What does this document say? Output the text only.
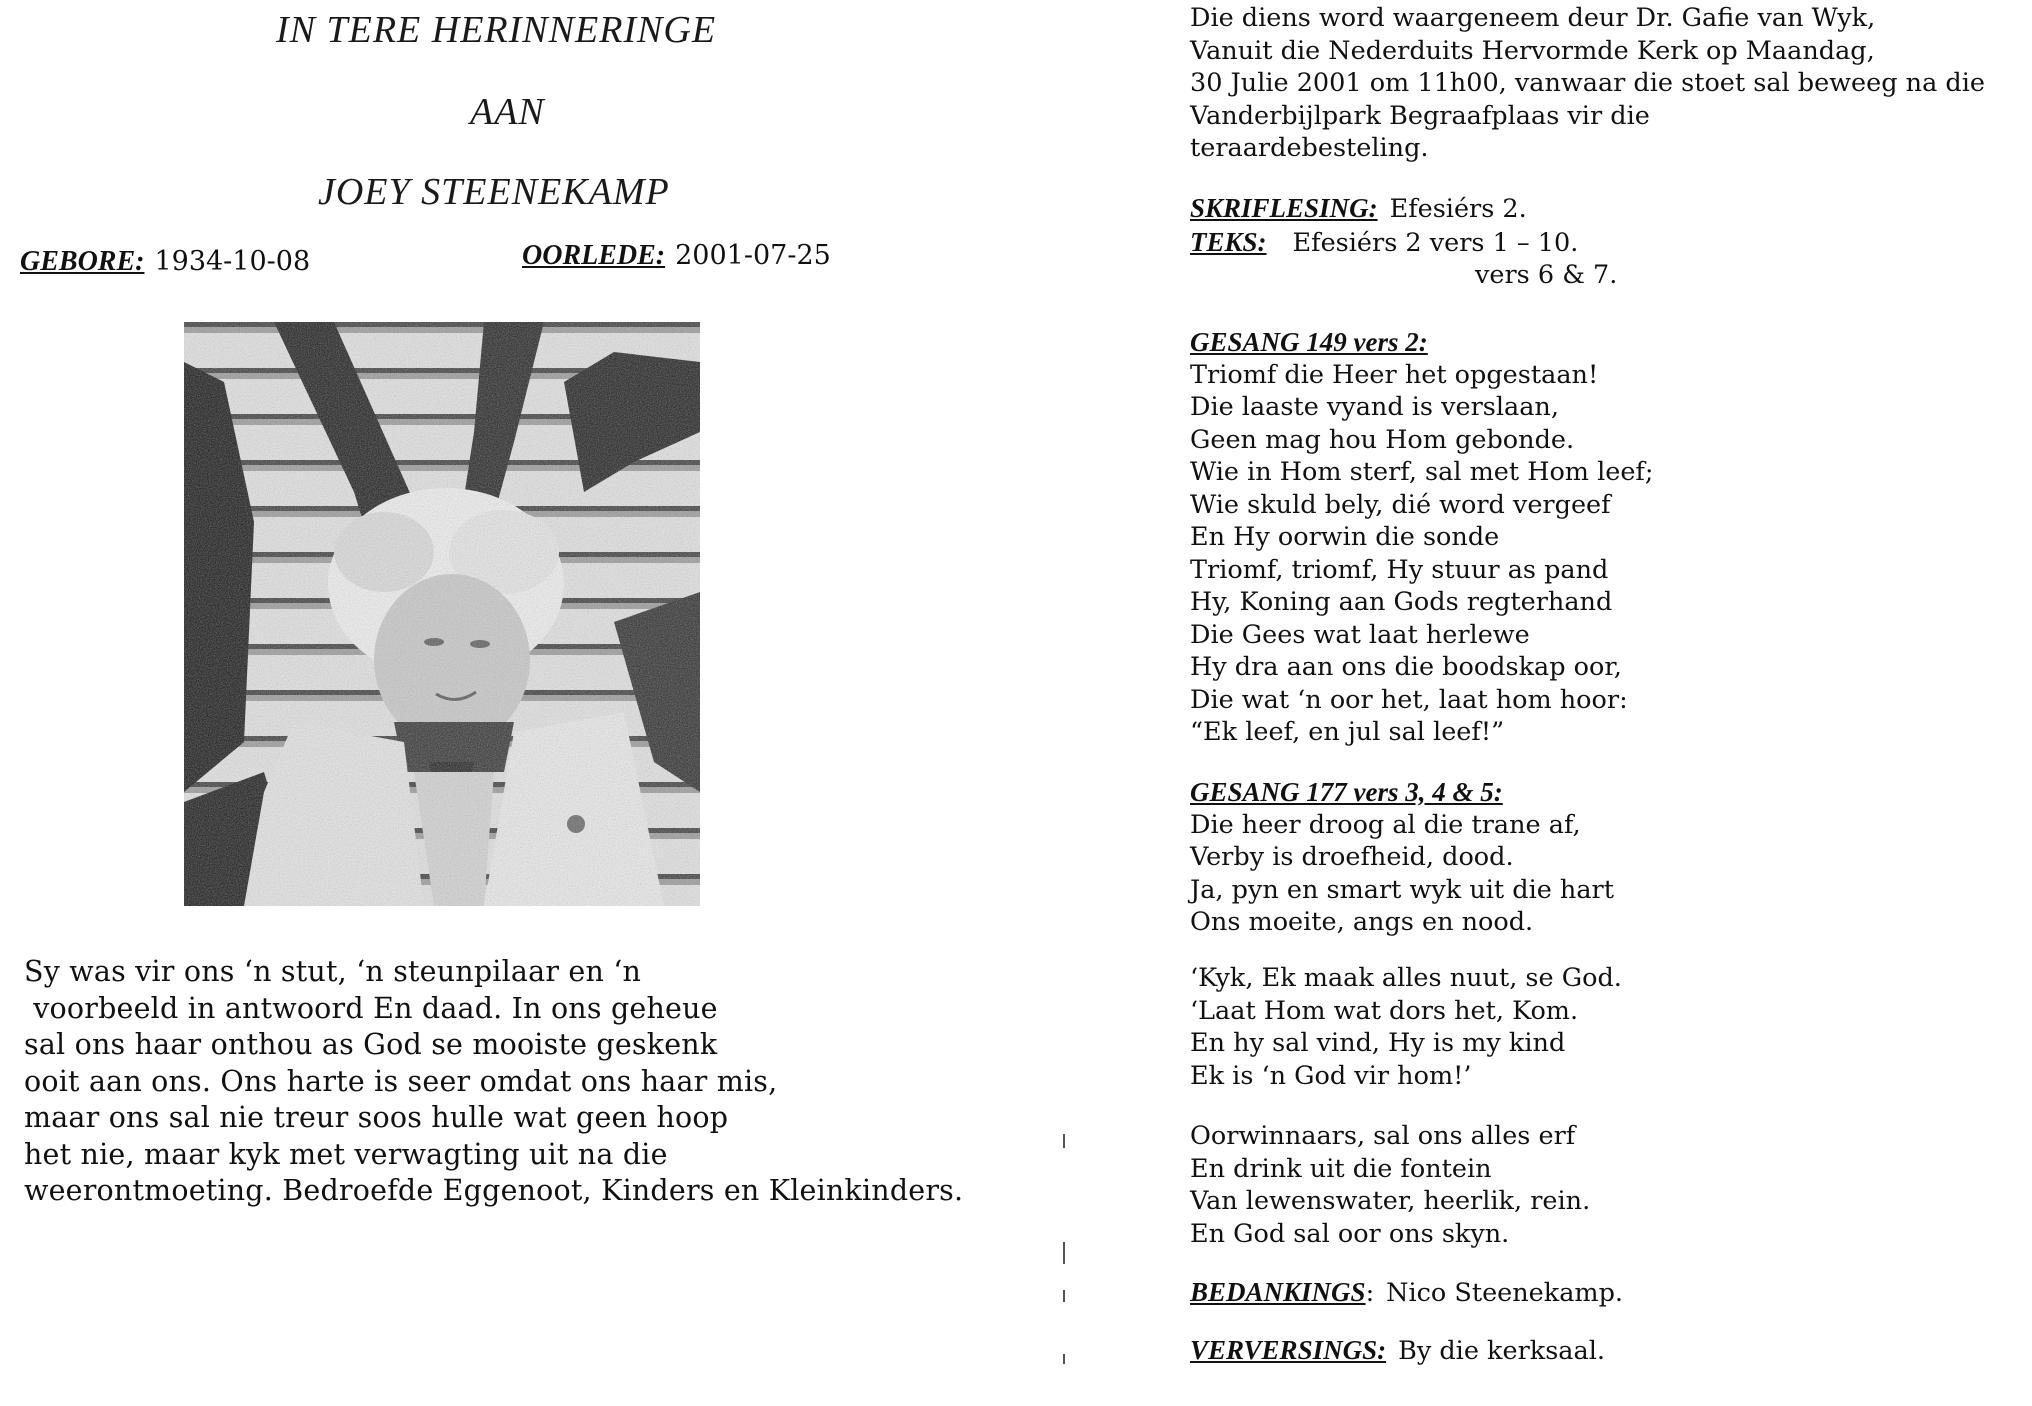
IN TERE HERINNERINGE
AAN
JOEY STEENEKAMP
GEBORE: 1934-10-08	OORLEDE: 2001-07-25
Sy was vir ons ‘n stut, ‘n steunpilaar en ‘n
voorbeeld in antwoord En daad. In ons geheue
sal ons haar onthou as God se mooiste geskenk
ooit aan ons. Ons harte is seer omdat ons haar mis,
maar ons sal nie treur soos hulle wat geen hoop
het nie, maar kyk met verwagting uit na die
weerontmoeting. Bedroefde Eggenoot, Kinders en Kleinkinders.
Die diens word waargeneem deur Dr. Gafie van Wyk,
Vanuit die Nederduits Hervormde Kerk op Maandag,
30 Julie 2001 om 11h00, vanwaar die stoet sal beweeg na die
Vanderbijlpark Begraafplaas vir die
teraardebesteling.
SKRIFLESING: Efesiérs 2.
TEKS: Efesiérs 2 vers 1 – 10.
vers 6 & 7.
GESANG 149 vers 2:
Triomf die Heer het opgestaan!
Die laaste vyand is verslaan,
Geen mag hou Hom gebonde.
Wie in Hom sterf, sal met Hom leef;
Wie skuld bely, dié word vergeef
En Hy oorwin die sonde
Triomf, triomf, Hy stuur as pand
Hy, Koning aan Gods regterhand
Die Gees wat laat herlewe
Hy dra aan ons die boodskap oor,
Die wat ‘n oor het, laat hom hoor:
“Ek leef, en jul sal leef!”
GESANG 177 vers 3, 4 & 5:
Die heer droog al die trane af,
Verby is droefheid, dood.
Ja, pyn en smart wyk uit die hart
Ons moeite, angs en nood.
‘Kyk, Ek maak alles nuut, se God.
‘Laat Hom wat dors het, Kom.
En hy sal vind, Hy is my kind
Ek is ‘n God vir hom!’
Oorwinnaars, sal ons alles erf
En drink uit die fontein
Van lewenswater, heerlik, rein.
En God sal oor ons skyn.
BEDANKINGS: Nico Steenekamp.
VERVERSINGS: By die kerksaal.
